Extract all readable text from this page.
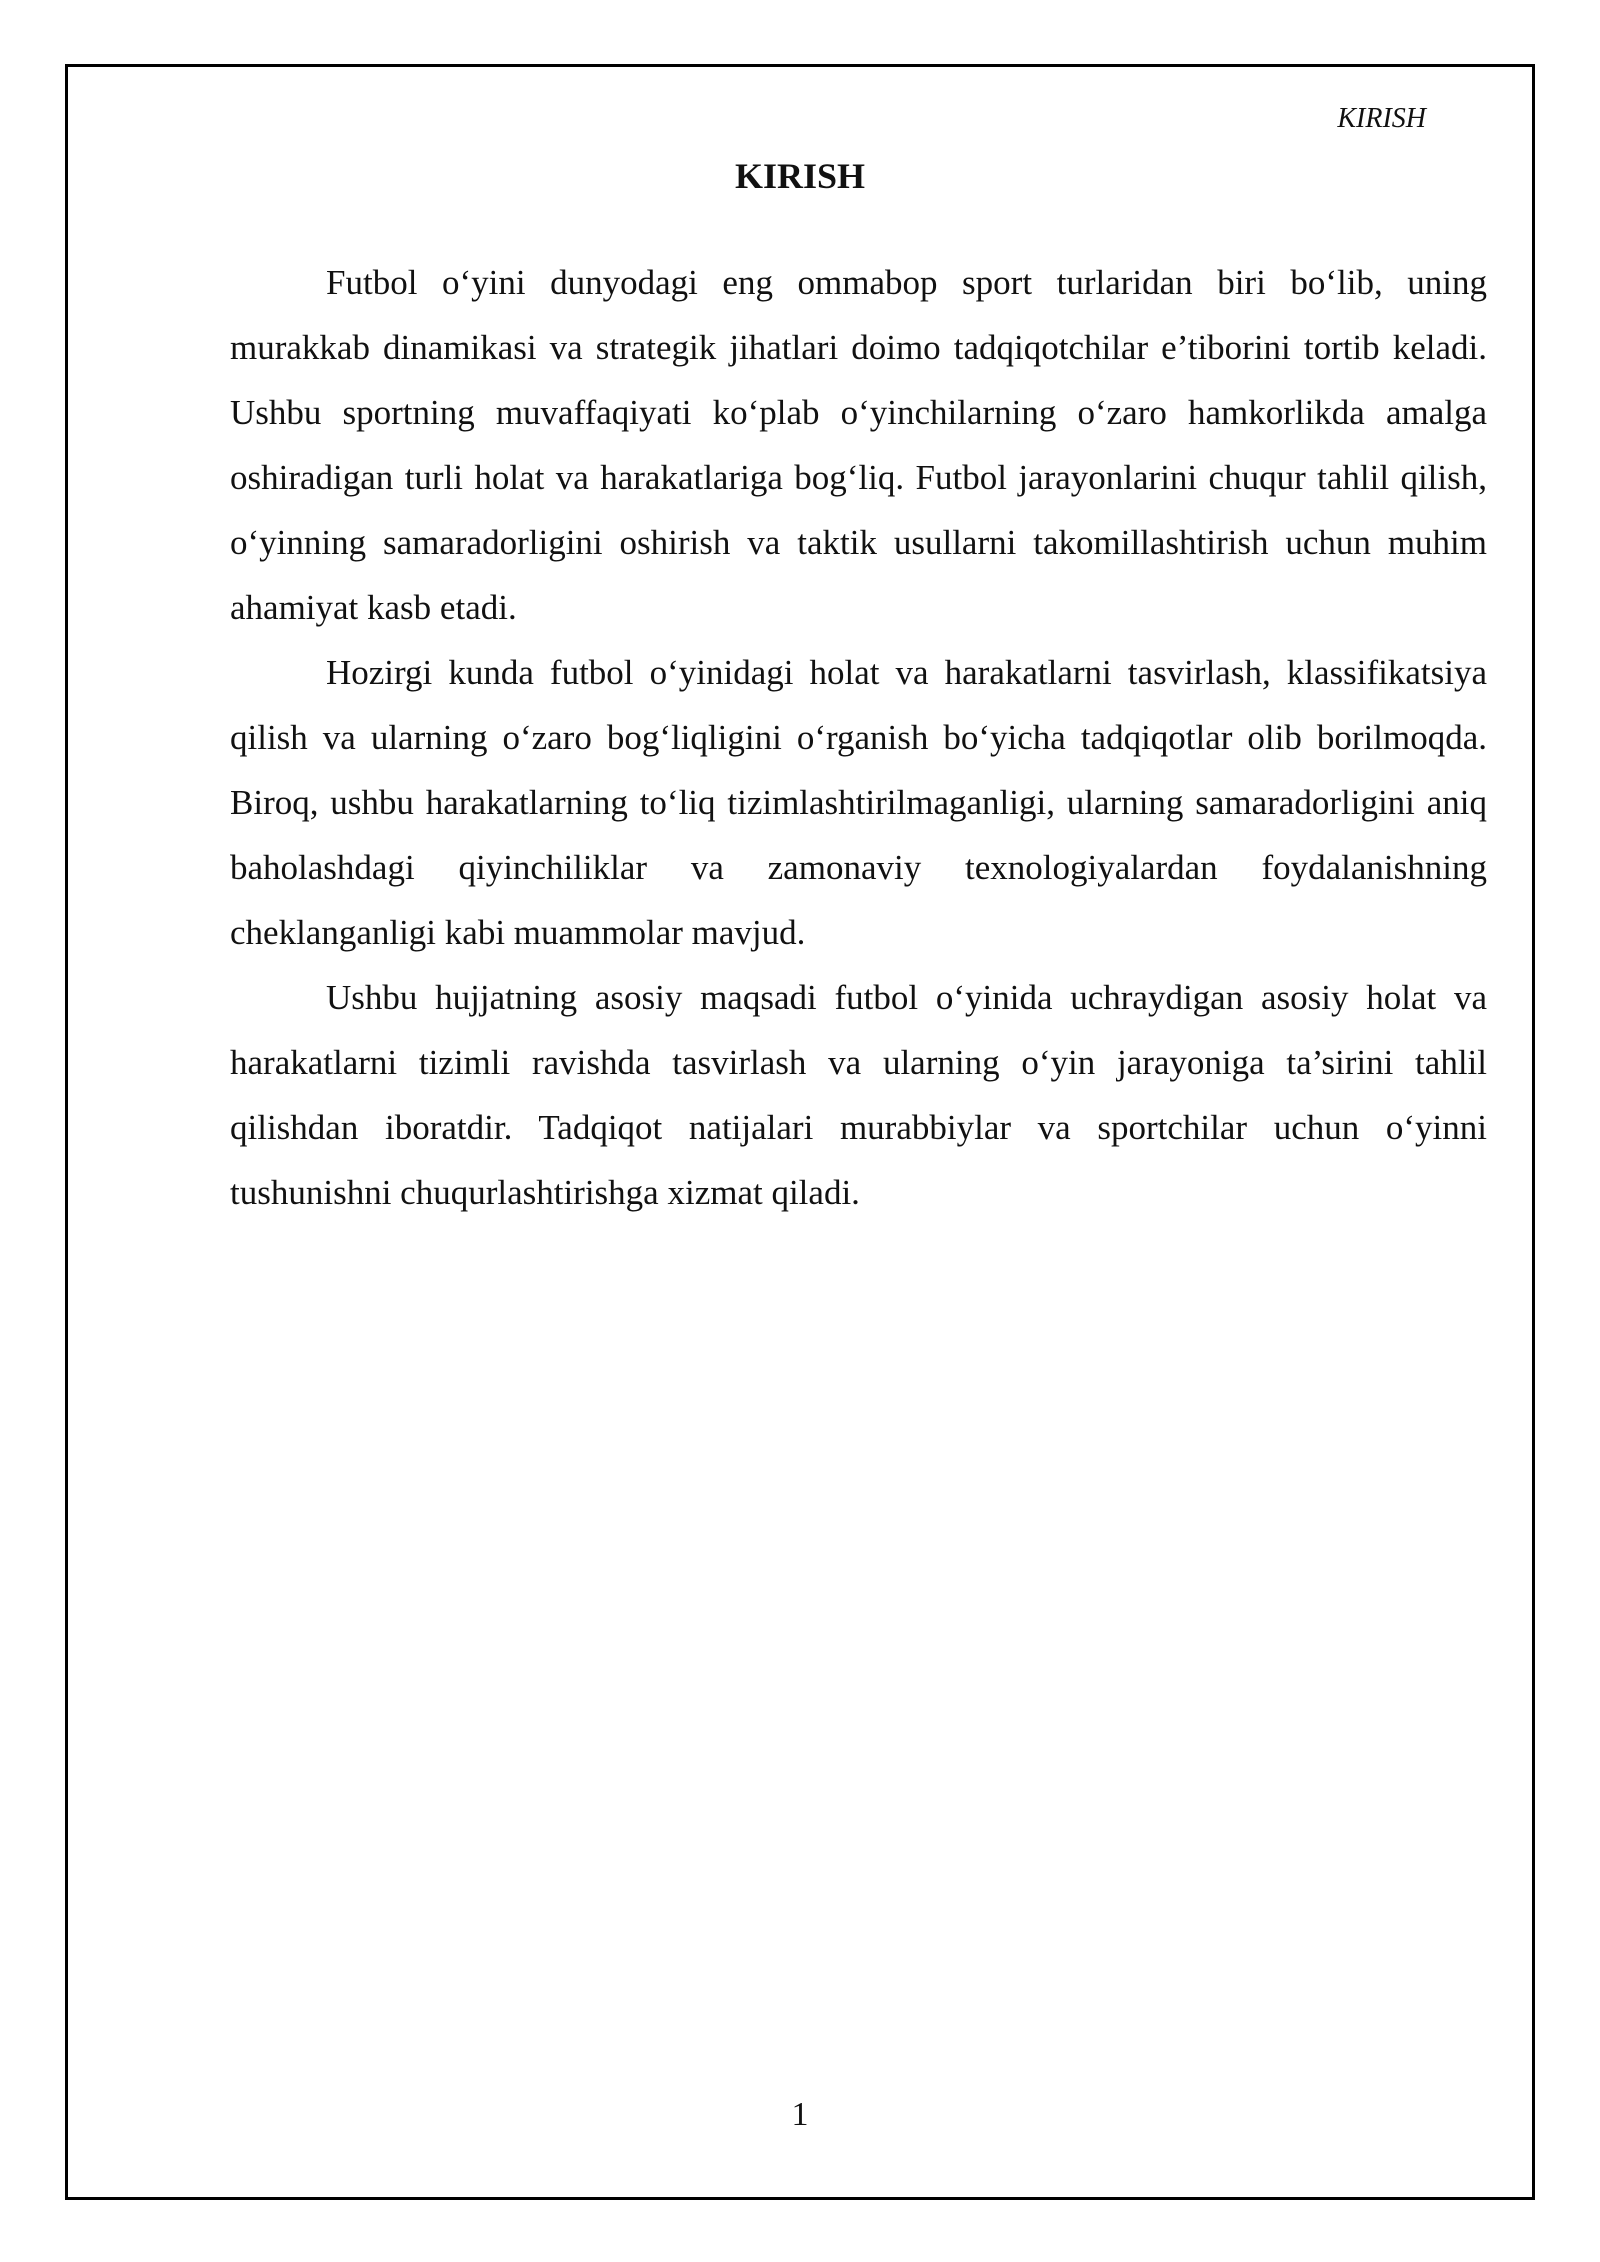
KIRISH
KIRISH

Futbol o‘yini dunyodagi eng ommabop sport turlaridan biri bo‘lib, uning murakkab dinamikasi va strategik jihatlari doimo tadqiqotchilar e’tiborini tortib keladi. Ushbu sportning muvaffaqiyati ko‘plab o‘yinchilarning o‘zaro hamkorlikda amalga oshiradigan turli holat va harakatlariga bog‘liq. Futbol jarayonlarini chuqur tahlil qilish, o‘yinning samaradorligini oshirish va taktik usullarni takomillashtirish uchun muhim ahamiyat kasb etadi.

Hozirgi kunda futbol o‘yinidagi holat va harakatlarni tasvirlash, klassifikatsiya qilish va ularning o‘zaro bog‘liqligini o‘rganish bo‘yicha tadqiqotlar olib borilmoqda. Biroq, ushbu harakatlarning to‘liq tizimlashtirilmaganligi, ularning samaradorligini aniq baholashdagi qiyinchiliklar va zamonaviy texnologiyalardan foydalanishning cheklanganligi kabi muammolar mavjud.

Ushbu hujjatning asosiy maqsadi futbol o‘yinida uchraydigan asosiy holat va harakatlarni tizimli ravishda tasvirlash va ularning o‘yin jarayoniga ta’sirini tahlil qilishdan iboratdir. Tadqiqot natijalari murabbiylar va sportchilar uchun o‘yinni tushunishni chuqurlashtirishga xizmat qiladi.

1
